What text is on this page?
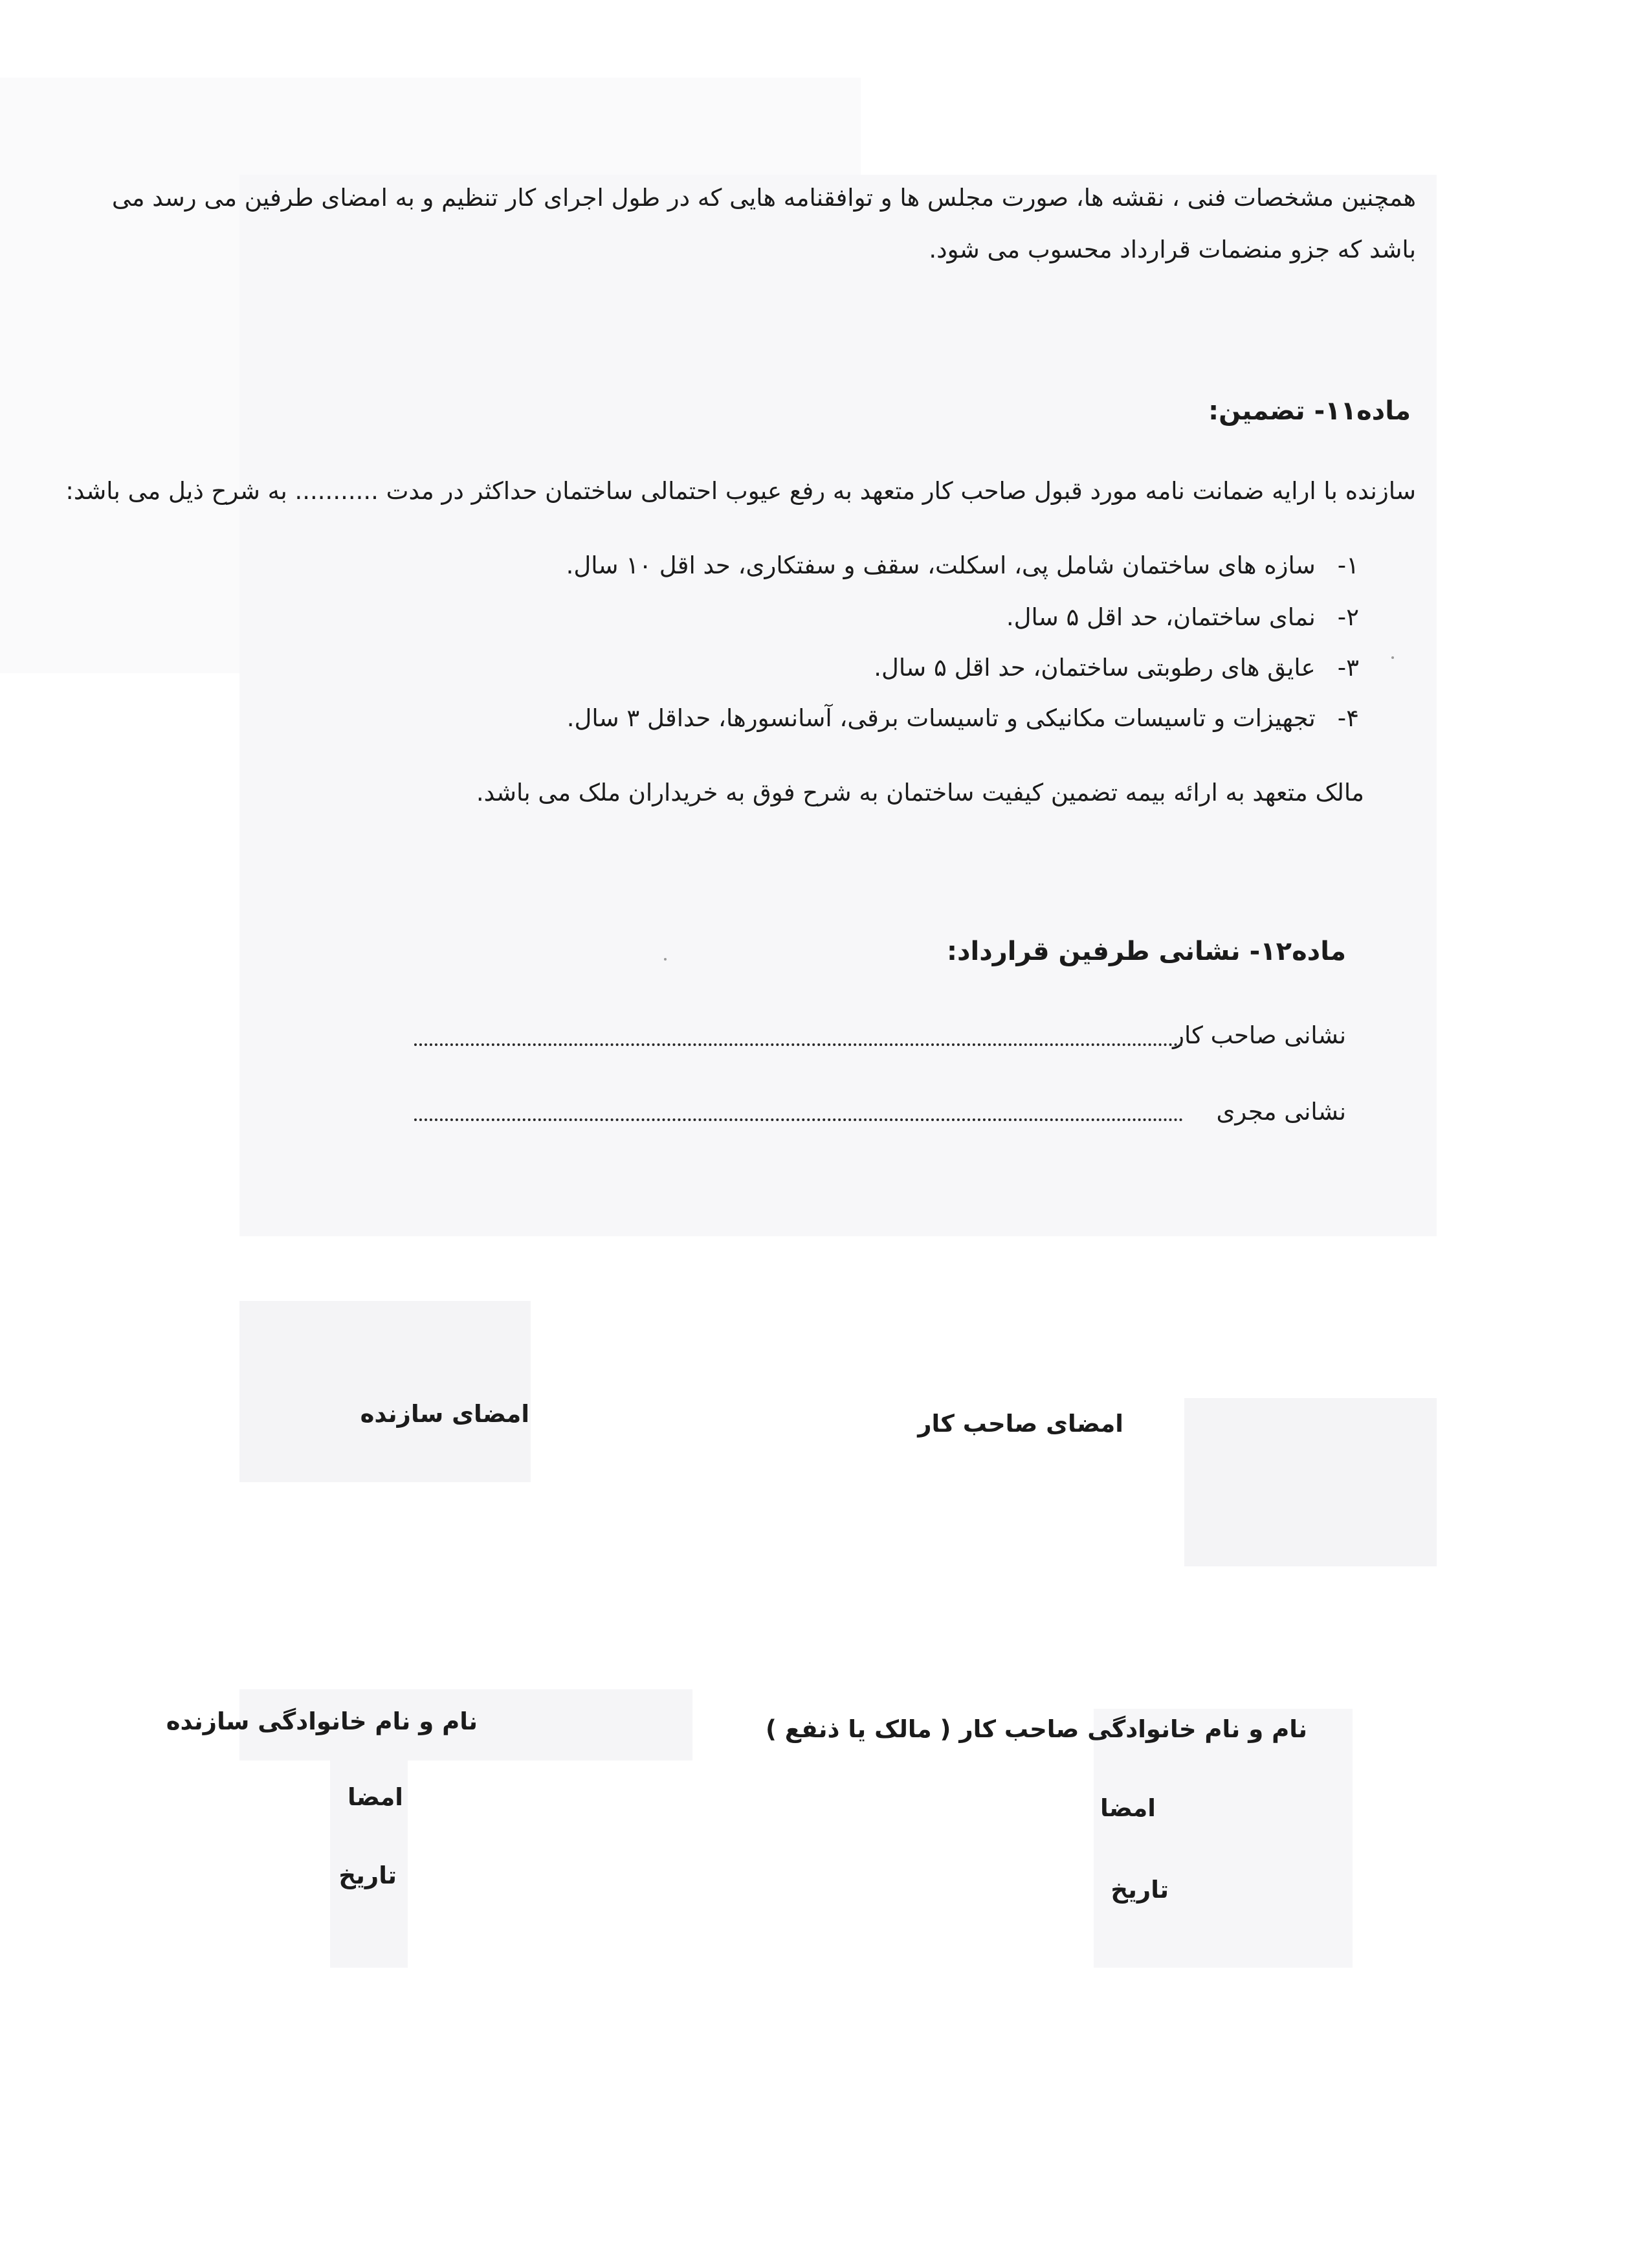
همچنین مشخصات فنی ، نقشه ها، صورت مجلس ها و توافقنامه هایی که در طول اجرای کار تنظیم و به امضای طرفین می رسد می
باشد که جزو منضمات قرارداد محسوب می شود.
ماده۱۱- تضمین:
سازنده با ارایه ضمانت نامه مورد قبول صاحب کار متعهد به رفع عیوب احتمالی ساختمان حداکثر در مدت ........... به شرح ذیل می باشد:
۱-سازه های ساختمان شامل پی، اسکلت، سقف و سفتکاری، حد اقل ۱۰ سال.
۲-نمای ساختمان، حد اقل ۵ سال.
۳-عایق های رطوبتی ساختمان، حد اقل ۵ سال.
۴-تجهیزات و تاسیسات مکانیکی و تاسیسات برقی، آسانسورها، حداقل ۳ سال.
مالک متعهد به ارائه بیمه تضمین کیفیت ساختمان به شرح فوق به خریداران ملک می باشد.
ماده۱۲- نشانی طرفین قرارداد:
نشانی صاحب کار
نشانی مجری
امضای سازنده	امضای صاحب کار
نام و نام خانوادگی سازنده	نام و نام خانوادگی صاحب کار ( مالک یا ذنفع )
امضا
تاریخ
امضا
تاریخ
